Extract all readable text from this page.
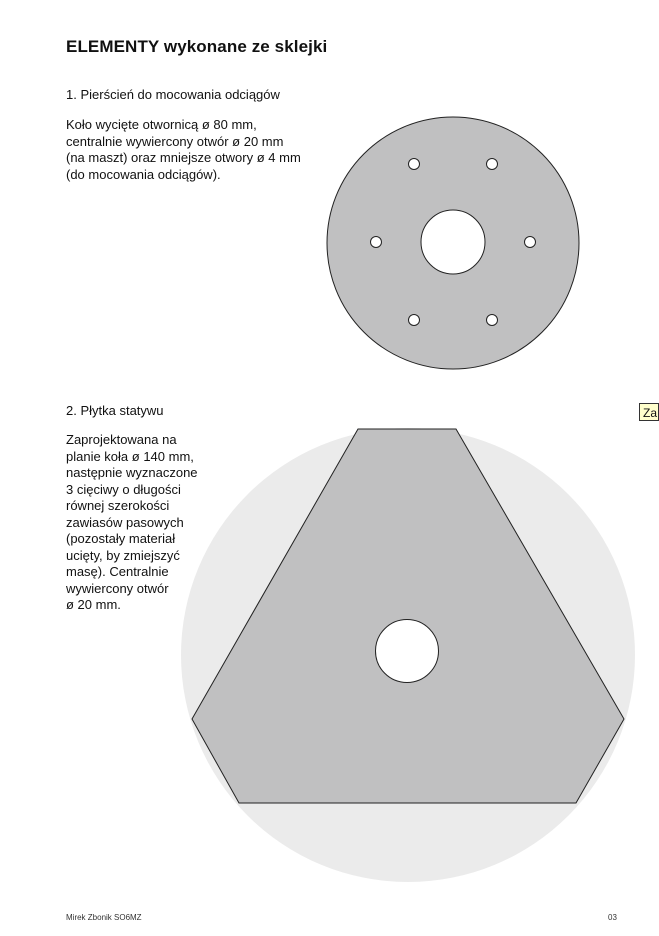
ELEMENTY wykonane ze sklejki
1. Pierścień do mocowania odciągów
Koło wycięte otwornicą ø 80 mm,
centralnie wywiercony otwór ø 20 mm
(na maszt) oraz mniejsze otwory ø 4 mm
(do mocowania odciągów).
2. Płytka statywu
Zaprojektowana na
planie koła ø 140 mm,
następnie wyznaczone
3 cięciwy o długości
równej szerokości
zawiasów pasowych
(pozostały materiał
ucięty, by zmiejszyć
masę). Centralnie
wywiercony otwór
ø 20 mm.
Za
Mirek Zbonik SO6MZ	03
